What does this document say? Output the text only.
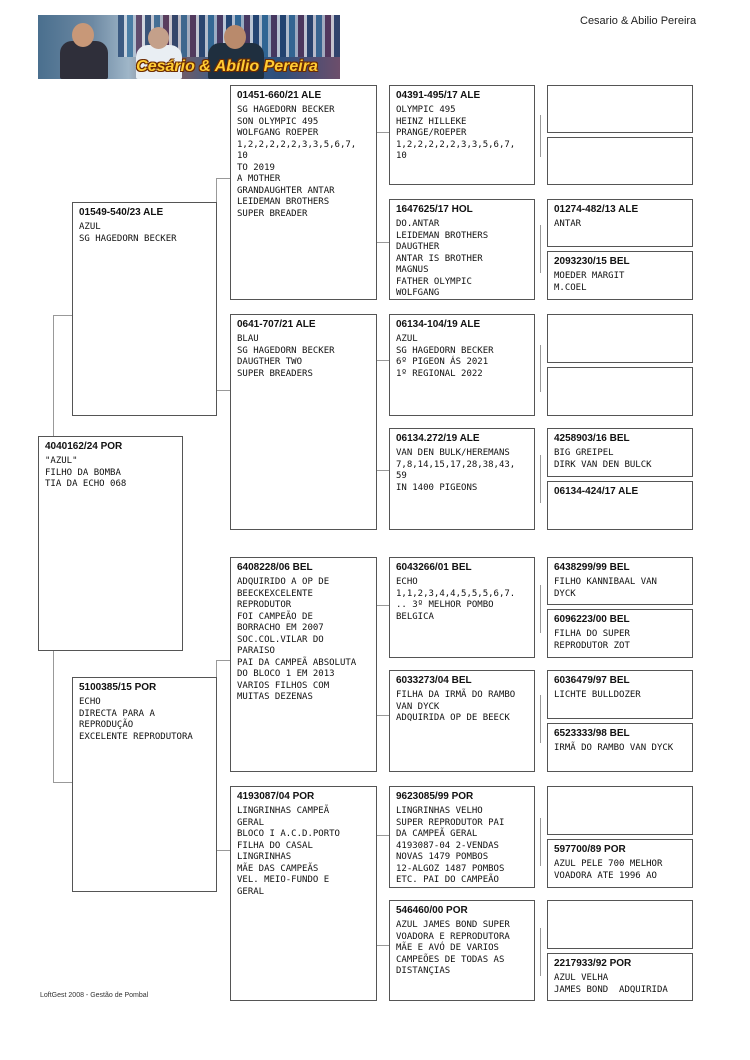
Cesário & Abílio Pereira
Cesario & Abilio Pereira
4040162/24 POR
"AZUL"
FILHO DA BOMBA
TIA DA ECHO 068
01549-540/23 ALE
AZUL
SG HAGEDORN BECKER
5100385/15 POR
ECHO
DIRECTA PARA A
REPRODUÇÃO
EXCELENTE REPRODUTORA
01451-660/21 ALE
SG HAGEDORN BECKER
SON OLYMPIC 495
WOLFGANG ROEPER
1,2,2,2,2,2,3,3,5,6,7,
10
TO 2019
A MOTHER
GRANDAUGHTER ANTAR
LEIDEMAN BROTHERS
SUPER BREADER
0641-707/21 ALE
BLAU
SG HAGEDORN BECKER
DAUGTHER TWO
SUPER BREADERS
6408228/06 BEL
ADQUIRIDO A OP DE
BEECKEXCELENTE
REPRODUTOR
FOI CAMPEÃO DE
BORRACHO EM 2007
SOC.COL.VILAR DO
PARAISO
PAI DA CAMPEÃ ABSOLUTA
DO BLOCO 1 EM 2013
VARIOS FILHOS COM
MUITAS DEZENAS
4193087/04 POR
LINGRINHAS CAMPEÃ
GERAL
BLOCO I A.C.D.PORTO
FILHA DO CASAL
LINGRINHAS
MÃE DAS CAMPEÃS
VEL. MEIO-FUNDO E
GERAL
04391-495/17 ALE
OLYMPIC 495
HEINZ HILLEKE
PRANGE/ROEPER
1,2,2,2,2,2,3,3,5,6,7,
10
1647625/17 HOL
DO.ANTAR
LEIDEMAN BROTHERS
DAUGTHER
ANTAR IS BROTHER
MAGNUS
FATHER OLYMPIC
WOLFGANG
06134-104/19 ALE
AZUL
SG HAGEDORN BECKER
6º PIGEON ÁS 2021
1º REGIONAL 2022
06134.272/19 ALE
VAN DEN BULK/HEREMANS
7,8,14,15,17,28,38,43,
59
IN 1400 PIGEONS
6043266/01 BEL
ECHO
1,1,2,3,4,4,5,5,5,6,7.
.. 3º MELHOR POMBO
BELGICA
6033273/04 BEL
FILHA DA IRMÃ DO RAMBO
VAN DYCK
ADQUIRIDA OP DE BEECK
9623085/99 POR
LINGRINHAS VELHO
SUPER REPRODUTOR PAI
DA CAMPEÃ GERAL
4193087-04 2-VENDAS
NOVAS 1479 POMBOS
12-ALGOZ 1487 POMBOS
ETC. PAI DO CAMPEÃO
546460/00 POR
AZUL JAMES BOND SUPER
VOADORA E REPRODUTORA
MÃE E AVÓ DE VARIOS
CAMPEÕES DE TODAS AS
DISTANÇIAS
01274-482/13 ALE
ANTAR
2093230/15 BEL
MOEDER MARGIT
M.COEL
4258903/16 BEL
BIG GREIPEL
DIRK VAN DEN BULCK
06134-424/17 ALE
6438299/99 BEL
FILHO KANNIBAAL VAN
DYCK
6096223/00 BEL
FILHA DO SUPER
REPRODUTOR ZOT
6036479/97 BEL
LICHTE BULLDOZER
6523333/98 BEL
IRMÃ DO RAMBO VAN DYCK
597700/89 POR
AZUL PELE 700 MELHOR
VOADORA ATE 1996 AO
2217933/92 POR
AZUL VELHA
JAMES BOND  ADQUIRIDA
LoftGest 2008 - Gestão de Pombal
